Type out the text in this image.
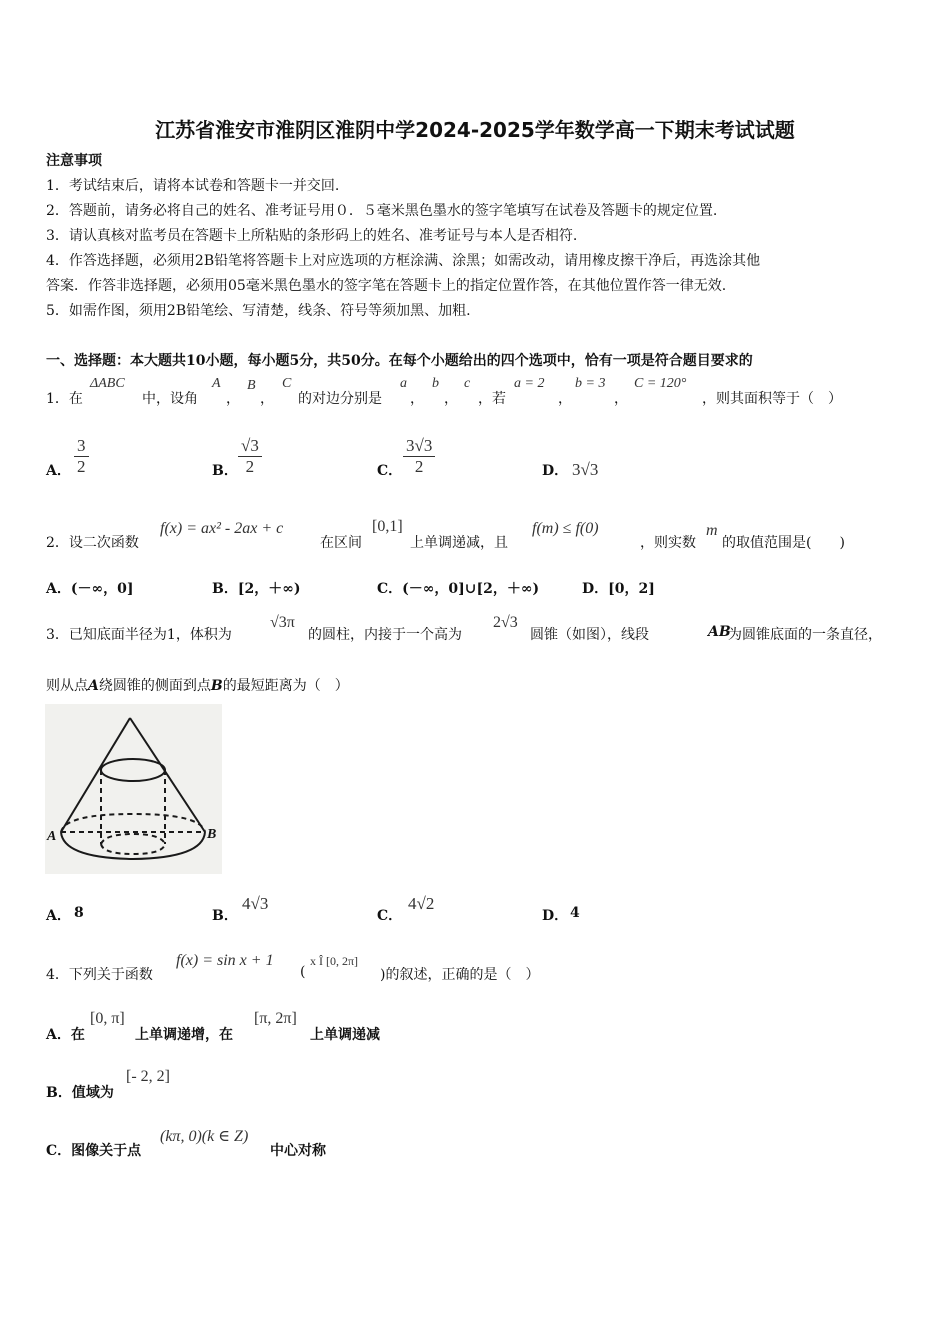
江苏省淮安市淮阴区淮阴中学2024-2025学年数学高一下期末考试试题
注意事项
1．考试结束后，请将本试卷和答题卡一并交回.
2．答题前，请务必将自己的姓名、准考证号用０．５毫米黑色墨水的签字笔填写在试卷及答题卡的规定位置.
3．请认真核对监考员在答题卡上所粘贴的条形码上的姓名、准考证号与本人是否相符.
4．作答选择题，必须用2B铅笔将答题卡上对应选项的方框涂满、涂黑；如需改动，请用橡皮擦干净后，再选涂其他
答案．作答非选择题，必须用05毫米黑色墨水的签字笔在答题卡上的指定位置作答，在其他位置作答一律无效.
5．如需作图，须用2B铅笔绘、写清楚，线条、符号等须加黑、加粗.
一、选择题：本大题共10小题，每小题5分，共50分。在每个小题给出的四个选项中，恰有一项是符合题目要求的
1．在
ΔABC
中，设角
A
，
B
，
C
的对边分别是
a
，
b
，
c
，若
a = 2
，
b = 3
，
C = 120°
，则其面积等于（　）
A． $\frac{3}{2}$	B． $\frac{√3}{2}$	C． $\frac{3√3}{2}$	D． 3√3
2．设二次函数
f(x) = ax² - 2ax + c
在区间
[0,1]
上单调递减，且
f(m) ≤ f(0)
，则实数
m
的取值范围是(　　)
A．(－∞，0]	B．[2，＋∞)	C．(－∞，0]∪[2，＋∞)	D．[0，2]
3．已知底面半径为1，体积为
√3π
的圆柱，内接于一个高为
2√3
圆锥（如图），线段	AB
为圆锥底面的一条直径，
则从点A绕圆锥的侧面到点B的最短距离为（　）
A	B
A． 8	B．
4√3
C．
4√2
D． 4
4．下列关于函数
f(x) = sin x + 1
(
x Î [0, 2π]
)的叙述，正确的是（　）
A．在
[0, π]
上单调递增，在
[π, 2π]
上单调递减
B．值域为
[- 2, 2]
C．图像关于点
(kπ, 0)(k ∈ Z)
中心对称
